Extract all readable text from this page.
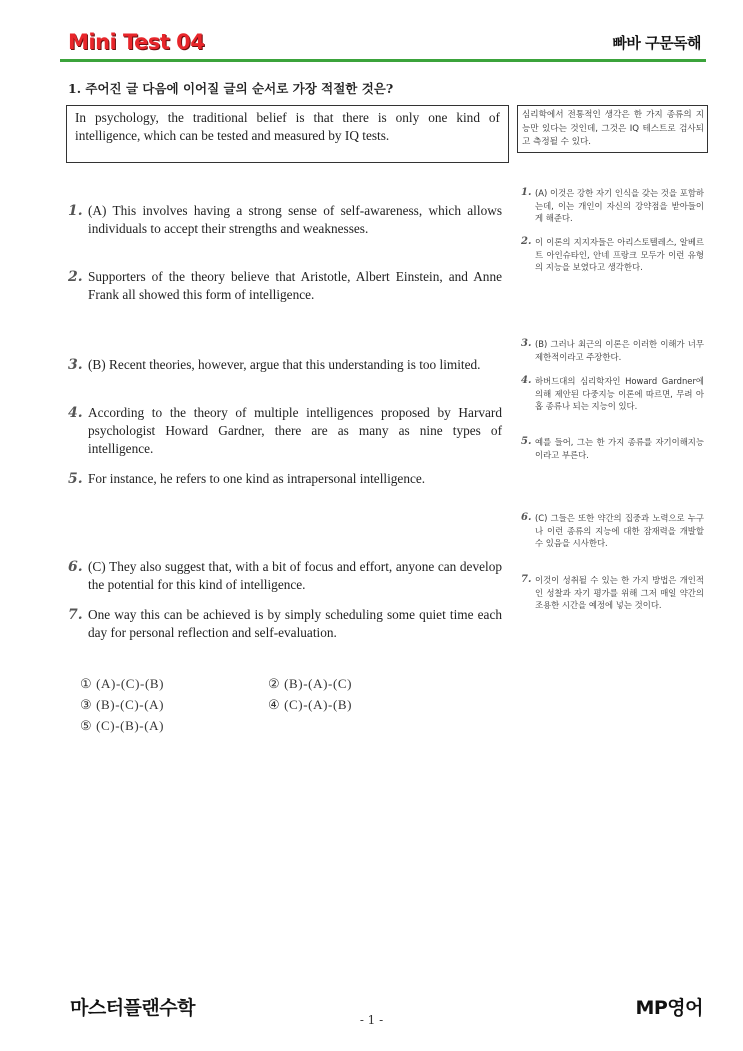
Mini Test 04	빠바 구문독해
1. 주어진 글 다음에 이어질 글의 순서로 가장 적절한 것은?
In psychology, the traditional belief is that there is only one kind of intelligence, which can be tested and measured by IQ tests.
심리학에서 전통적인 생각은 한 가지 종류의 지능만 있다는 것인데, 그것은 IQ 테스트로 검사되고 측정될 수 있다.
1. (A) This involves having a strong sense of self-awareness, which allows individuals to accept their strengths and weaknesses.
2. Supporters of the theory believe that Aristotle, Albert Einstein, and Anne Frank all showed this form of intelligence.
3. (B) Recent theories, however, argue that this understanding is too limited.
4. According to the theory of multiple intelligences proposed by Harvard psychologist Howard Gardner, there are as many as nine types of intelligence.
5. For instance, he refers to one kind as intrapersonal intelligence.
6. (C) They also suggest that, with a bit of focus and effort, anyone can develop the potential for this kind of intelligence.
7. One way this can be achieved is by simply scheduling some quiet time each day for personal reflection and self-evaluation.
1. (A) 이것은 강한 자기 인식을 갖는 것을 포함하는데, 이는 개인이 자신의 강약점을 받아들이게 해준다.
2. 이 이론의 지지자들은 아리스토텔레스, 알베르트 아인슈타인, 안네 프랑크 모두가 이런 유형의 지능을 보였다고 생각한다.
3. (B) 그러나 최근의 이론은 이러한 이해가 너무 제한적이라고 주장한다.
4. 하버드대의 심리학자인 Howard Gardner에 의해 제안된 다중지능 이론에 따르면, 무려 아홉 종류나 되는 지능이 있다.
5. 예를 들어, 그는 한 가지 종류를 자기이해지능이라고 부른다.
6. (C) 그들은 또한 약간의 집중과 노력으로 누구나 이런 종류의 지능에 대한 잠재력을 개발할 수 있음을 시사한다.
7. 이것이 성취될 수 있는 한 가지 방법은 개인적인 성찰과 자기 평가를 위해 그저 매일 약간의 조용한 시간을 예정에 넣는 것이다.
① (A)-(C)-(B)	② (B)-(A)-(C)
③ (B)-(C)-(A)	④ (C)-(A)-(B)
⑤ (C)-(B)-(A)
마스터플랜수학	MP영어
- 1 -
